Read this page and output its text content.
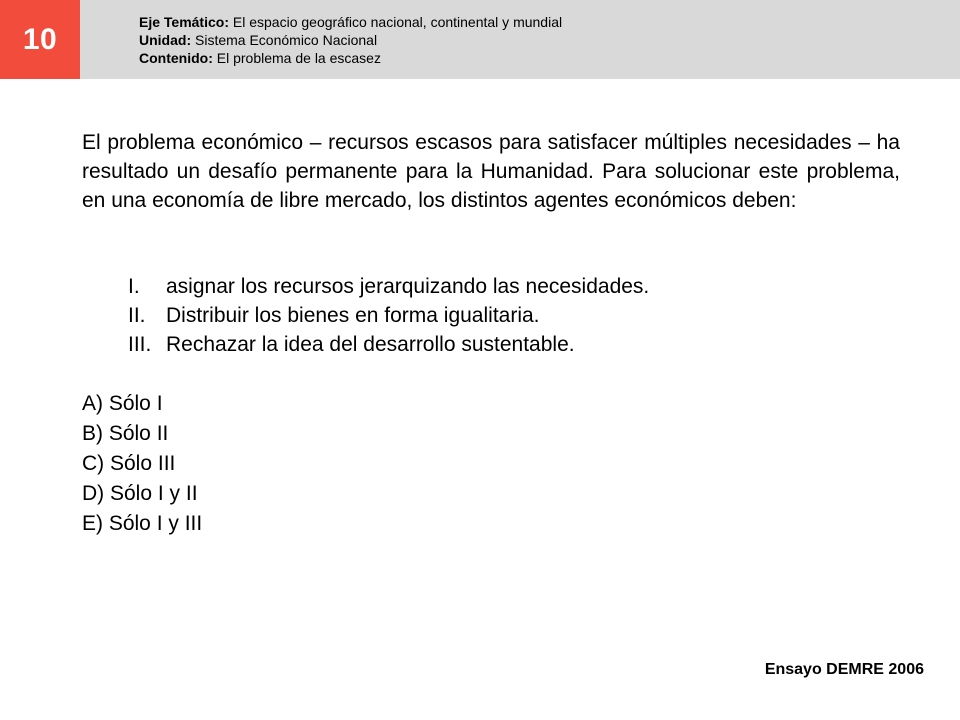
10
Eje Temático: El espacio geográfico nacional, continental y mundial
Unidad: Sistema Económico Nacional
Contenido: El problema de la escasez
El problema económico – recursos escasos para satisfacer múltiples necesidades – ha resultado un desafío permanente para la Humanidad. Para solucionar este problema, en una economía de libre mercado, los distintos agentes económicos deben:
I. asignar los recursos jerarquizando las necesidades.
II. Distribuir los bienes en forma igualitaria.
III. Rechazar la idea del desarrollo sustentable.
A) Sólo I
B) Sólo II
C) Sólo III
D) Sólo I y II
E) Sólo I y III
Ensayo DEMRE 2006
